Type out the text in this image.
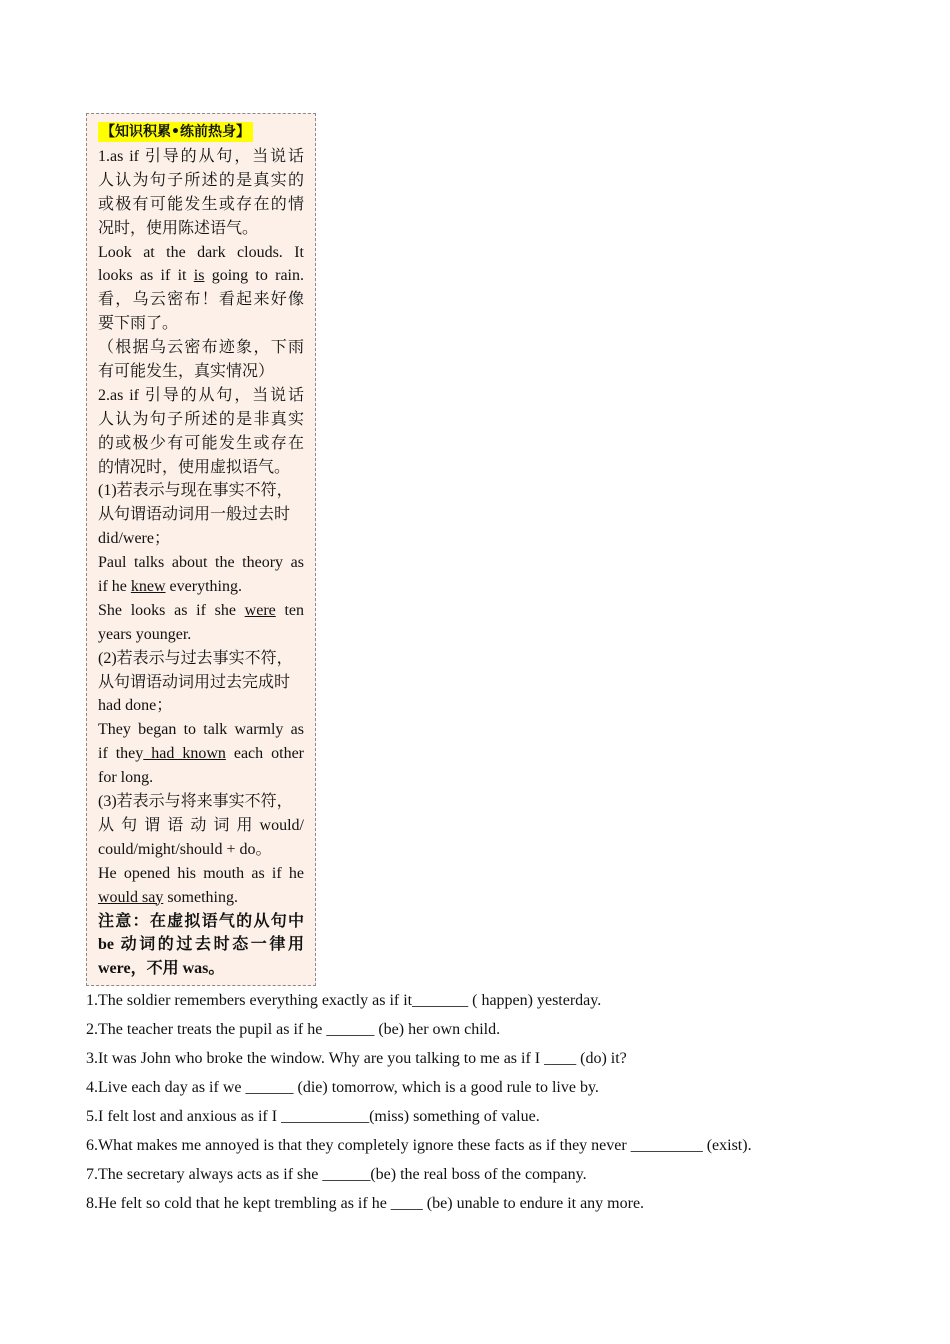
【知识积累•练前热身】
1.as if 引导的从句，当说话
人认为句子所述的是真实的
或极有可能发生或存在的情
况时，使用陈述语气。
Look at the dark clouds. It
looks as if it is going to rain.
看，乌云密布！看起来好像
要下雨了。
（根据乌云密布迹象，下雨
有可能发生，真实情况）
2.as if 引导的从句，当说话
人认为句子所述的是非真实
的或极少有可能发生或存在
的情况时，使用虚拟语气。
(1)若表示与现在事实不符，
从句谓语动词用一般过去时
did/were；
Paul talks about the theory as
if he knew everything.
She looks as if she were ten
years younger.
(2)若表示与过去事实不符，
从句谓语动词用过去完成时
had done；
They began to talk warmly as
if they had known each other
for long.
(3)若表示与将来事实不符，
从 句 谓 语 动 词 用 would/
could/might/should + do。
He opened his mouth as if he
would say something.
注意：在虚拟语气的从句中
be 动词的过去时态一律用
were，不用 was。
1.The soldier remembers everything exactly as if it_______ ( happen) yesterday.
2.The teacher treats the pupil as if he ______ (be) her own child.
3.It was John who broke the window. Why are you talking to me as if I ____ (do) it?
4.Live each day as if we ______ (die) tomorrow, which is a good rule to live by.
5.I felt lost and anxious as if I ___________(miss) something of value.
6.What makes me annoyed is that they completely ignore these facts as if they never _________ (exist).
7.The secretary always acts as if she ______(be) the real boss of the company.
8.He felt so cold that he kept trembling as if he ____ (be) unable to endure it any more.
